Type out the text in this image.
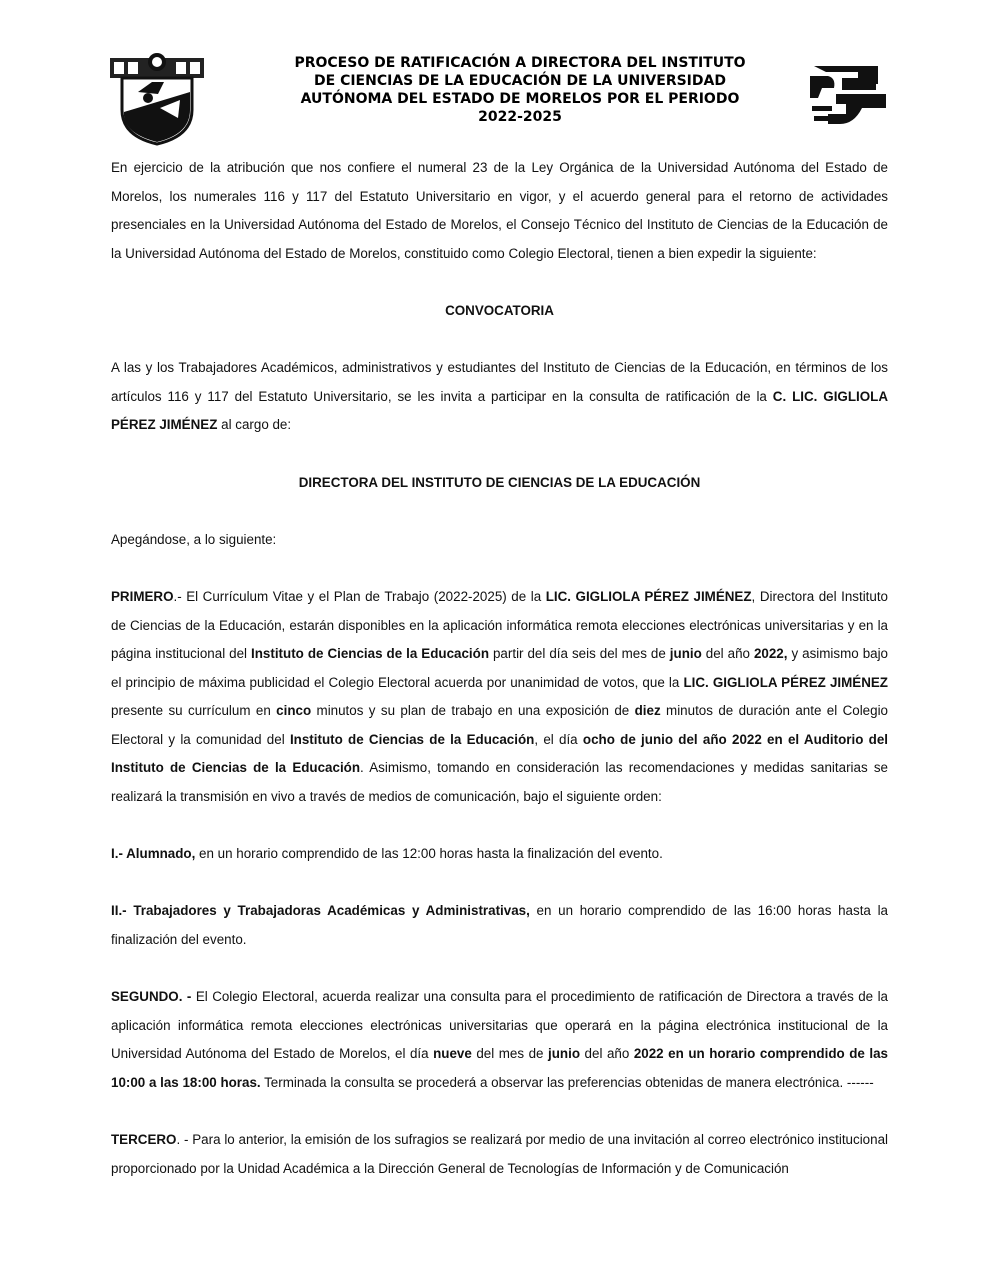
PROCESO DE RATIFICACIÓN A DIRECTORA DEL INSTITUTO
DE CIENCIAS DE LA EDUCACIÓN DE LA UNIVERSIDAD
AUTÓNOMA DEL ESTADO DE MORELOS POR EL PERIODO
2022-2025

En ejercicio de la atribución que nos confiere el numeral 23 de la Ley Orgánica de la Universidad Autónoma del Estado de Morelos, los numerales 116 y 117 del Estatuto Universitario en vigor, y el acuerdo general para el retorno de actividades presenciales en la Universidad Autónoma del Estado de Morelos, el Consejo Técnico del Instituto de Ciencias de la Educación de la Universidad Autónoma del Estado de Morelos, constituido como Colegio Electoral, tienen a bien expedir la siguiente:

CONVOCATORIA

A las y los Trabajadores Académicos, administrativos y estudiantes del Instituto de Ciencias de la Educación, en términos de los artículos 116 y 117 del Estatuto Universitario, se les invita a participar en la consulta de ratificación de la C. LIC. GIGLIOLA PÉREZ JIMÉNEZ al cargo de:

DIRECTORA DEL INSTITUTO DE CIENCIAS DE LA EDUCACIÓN

Apegándose, a lo siguiente:

PRIMERO.- El Currículum Vitae y el Plan de Trabajo (2022-2025) de la LIC. GIGLIOLA PÉREZ JIMÉNEZ, Directora del Instituto de Ciencias de la Educación, estarán disponibles en la aplicación informática remota elecciones electrónicas universitarias y en la página institucional del Instituto de Ciencias de la Educación partir del día seis del mes de junio del año 2022, y asimismo bajo el principio de máxima publicidad el Colegio Electoral acuerda por unanimidad de votos, que la LIC. GIGLIOLA PÉREZ JIMÉNEZ presente su currículum en cinco minutos y su plan de trabajo en una exposición de diez minutos de duración ante el Colegio Electoral y la comunidad del Instituto de Ciencias de la Educación, el día ocho de junio del año 2022 en el Auditorio del Instituto de Ciencias de la Educación. Asimismo, tomando en consideración las recomendaciones y medidas sanitarias se realizará la transmisión en vivo a través de medios de comunicación, bajo el siguiente orden:

I.- Alumnado, en un horario comprendido de las 12:00 horas hasta la finalización del evento.

II.- Trabajadores y Trabajadoras Académicas y Administrativas, en un horario comprendido de las 16:00 horas hasta la finalización del evento.

SEGUNDO. - El Colegio Electoral, acuerda realizar una consulta para el procedimiento de ratificación de Directora a través de la aplicación informática remota elecciones electrónicas universitarias que operará en la página electrónica institucional de la Universidad Autónoma del Estado de Morelos, el día nueve del mes de junio del año 2022 en un horario comprendido de las 10:00 a las 18:00 horas. Terminada la consulta se procederá a observar las preferencias obtenidas de manera electrónica. ------

TERCERO. - Para lo anterior, la emisión de los sufragios se realizará por medio de una invitación al correo electrónico institucional proporcionado por la Unidad Académica a la Dirección General de Tecnologías de Información y de Comunicación
